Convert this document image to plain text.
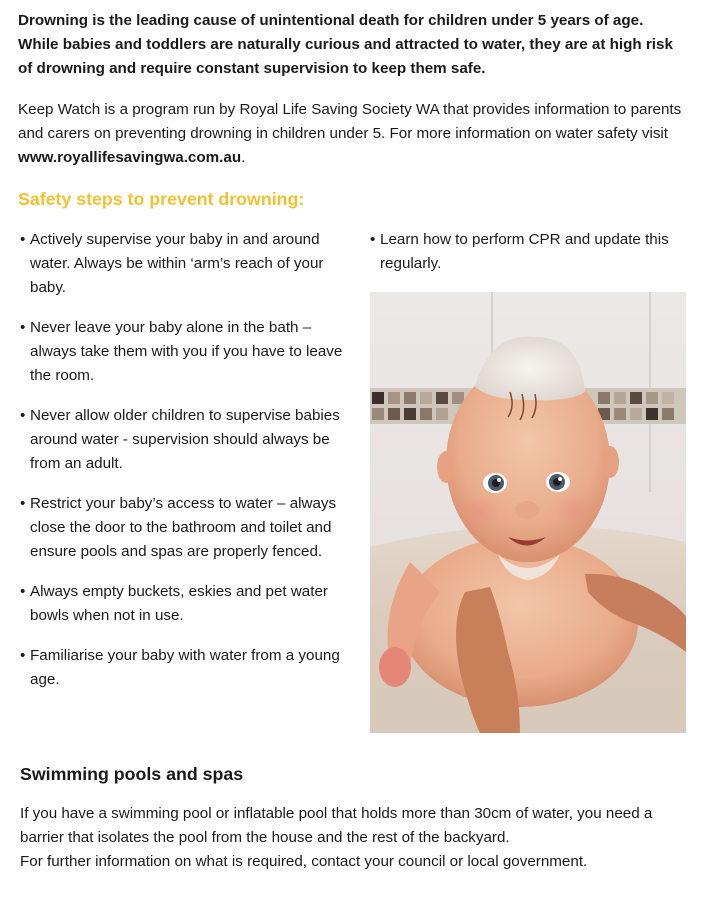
Drowning is the leading cause of unintentional death for children under 5 years of age. While babies and toddlers are naturally curious and attracted to water, they are at high risk of drowning and require constant supervision to keep them safe.

Keep Watch is a program run by Royal Life Saving Society WA that provides information to parents and carers on preventing drowning in children under 5. For more information on water safety visit www.royallifesavingwa.com.au.

Safety steps to prevent drowning:
• Actively supervise your baby in and around water. Always be within ‘arm’s reach of your baby.
• Never leave your baby alone in the bath – always take them with you if you have to leave the room.
• Never allow older children to supervise babies around water - supervision should always be from an adult.
• Restrict your baby’s access to water – always close the door to the bathroom and toilet and ensure pools and spas are properly fenced.
• Always empty buckets, eskies and pet water bowls when not in use.
• Familiarise your baby with water from a young age.
• Learn how to perform CPR and update this regularly.
Swimming pools and spas

If you have a swimming pool or inflatable pool that holds more than 30cm of water, you need a barrier that isolates the pool from the house and the rest of the backyard.

For further information on what is required, contact your council or local government.
